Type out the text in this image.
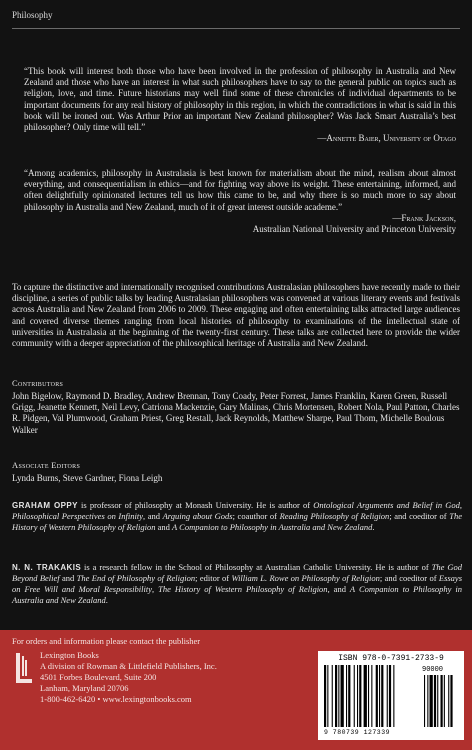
Philosophy
“This book will interest both those who have been involved in the profession of philosophy in Australia and New Zealand and those who have an interest in what such philosophers have to say to the general public on topics such as religion, love, and time. Future historians may well find some of these chronicles of individual departments to be important documents for any real history of philosophy in this region, in which the contradictions in what is said in this book will be ironed out. Was Arthur Prior an important New Zealand philosopher? Was Jack Smart Australia’s best philosopher? Only time will tell.”
—Annette Baier, University of Otago
“Among academics, philosophy in Australasia is best known for materialism about the mind, realism about almost everything, and consequentialism in ethics—and for fighting way above its weight. These entertaining, informed, and often delightfully opinionated lectures tell us how this came to be, and why there is so much more to say about philosophy in Australia and New Zealand, much of it of great interest outside academe.”
—Frank Jackson,
Australian National University and Princeton University
To capture the distinctive and internationally recognised contributions Australasian philosophers have recently made to their discipline, a series of public talks by leading Australasian philosophers was convened at various literary events and festivals across Australia and New Zealand from 2006 to 2009. These engaging and often entertaining talks attracted large audiences and covered diverse themes ranging from local histories of philosophy to examinations of the intellectual state of universities in Australasia at the beginning of the twenty-first century. These talks are collected here to provide the wider community with a deeper appreciation of the philosophical heritage of Australia and New Zealand.
Contributors
John Bigelow, Raymond D. Bradley, Andrew Brennan, Tony Coady, Peter Forrest, James Franklin, Karen Green, Russell Grigg, Jeanette Kennett, Neil Levy, Catriona Mackenzie, Gary Malinas, Chris Mortensen, Robert Nola, Paul Patton, Charles R. Pidgen, Val Plumwood, Graham Priest, Greg Restall, Jack Reynolds, Matthew Sharpe, Paul Thom, Michelle Boulous Walker
Associate Editors
Lynda Burns, Steve Gardner, Fiona Leigh
GRAHAM OPPY is professor of philosophy at Monash University. He is author of Ontological Arguments and Belief in God, Philosophical Perspectives on Infinity, and Arguing about Gods; coauthor of Reading Philosophy of Religion; and coeditor of The History of Western Philosophy of Religion and A Companion to Philosophy in Australia and New Zealand.
N. N. TRAKAKIS is a research fellow in the School of Philosophy at Australian Catholic University. He is author of The God Beyond Belief and The End of Philosophy of Religion; editor of William L. Rowe on Philosophy of Religion; and coeditor of Essays on Free Will and Moral Responsibility, The History of Western Philosophy of Religion, and A Companion to Philosophy in Australia and New Zealand.
For orders and information please contact the publisher
Lexington Books
A division of Rowman & Littlefield Publishers, Inc.
4501 Forbes Boulevard, Suite 200
Lanham, Maryland 20706
1-800-462-6420 • www.lexingtonbooks.com
ISBN 978-0-7391-2733-9
90000
9 780739 127339
